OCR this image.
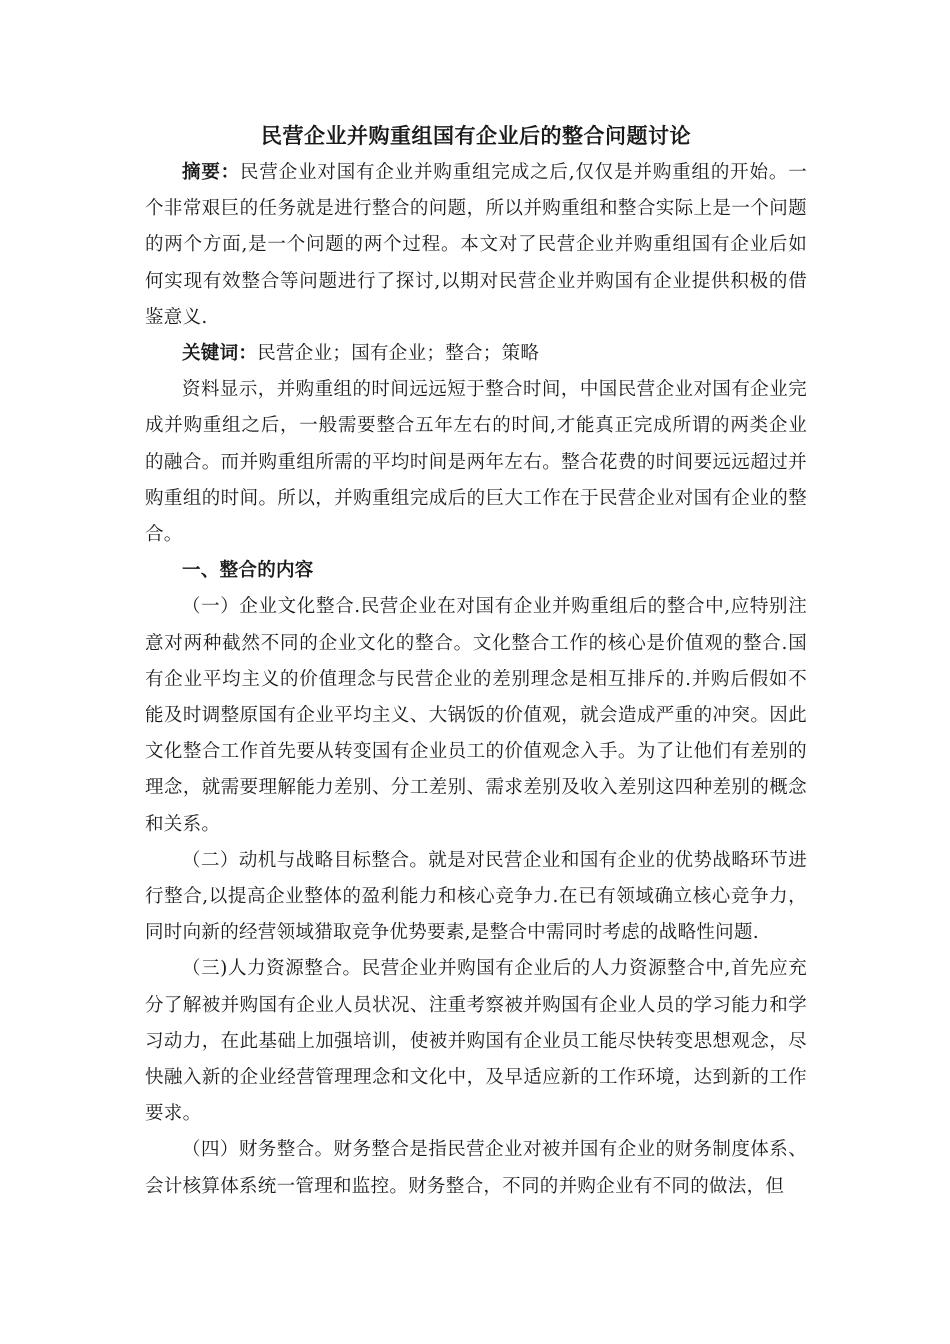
民营企业并购重组国有企业后的整合问题讨论

摘要：民营企业对国有企业并购重组完成之后,仅仅是并购重组的开始。一个非常艰巨的任务就是进行整合的问题，所以并购重组和整合实际上是一个问题的两个方面,是一个问题的两个过程。本文对了民营企业并购重组国有企业后如何实现有效整合等问题进行了探讨,以期对民营企业并购国有企业提供积极的借鉴意义.

关键词：民营企业；国有企业；整合；策略

资料显示，并购重组的时间远远短于整合时间，中国民营企业对国有企业完成并购重组之后，一般需要整合五年左右的时间,才能真正完成所谓的两类企业的融合。而并购重组所需的平均时间是两年左右。整合花费的时间要远远超过并购重组的时间。所以，并购重组完成后的巨大工作在于民营企业对国有企业的整合。

一、整合的内容

（一）企业文化整合.民营企业在对国有企业并购重组后的整合中,应特别注意对两种截然不同的企业文化的整合。文化整合工作的核心是价值观的整合.国有企业平均主义的价值理念与民营企业的差别理念是相互排斥的.并购后假如不能及时调整原国有企业平均主义、大锅饭的价值观，就会造成严重的冲突。因此文化整合工作首先要从转变国有企业员工的价值观念入手。为了让他们有差别的理念，就需要理解能力差别、分工差别、需求差别及收入差别这四种差别的概念和关系。

（二）动机与战略目标整合。就是对民营企业和国有企业的优势战略环节进行整合,以提高企业整体的盈利能力和核心竞争力.在已有领域确立核心竞争力，同时向新的经营领域猎取竞争优势要素,是整合中需同时考虑的战略性问题.

（三)人力资源整合。民营企业并购国有企业后的人力资源整合中,首先应充分了解被并购国有企业人员状况、注重考察被并购国有企业人员的学习能力和学习动力，在此基础上加强培训，使被并购国有企业员工能尽快转变思想观念，尽快融入新的企业经营管理理念和文化中，及早适应新的工作环境，达到新的工作要求。

（四）财务整合。财务整合是指民营企业对被并国有企业的财务制度体系、会计核算体系统一管理和监控。财务整合，不同的并购企业有不同的做法，但
